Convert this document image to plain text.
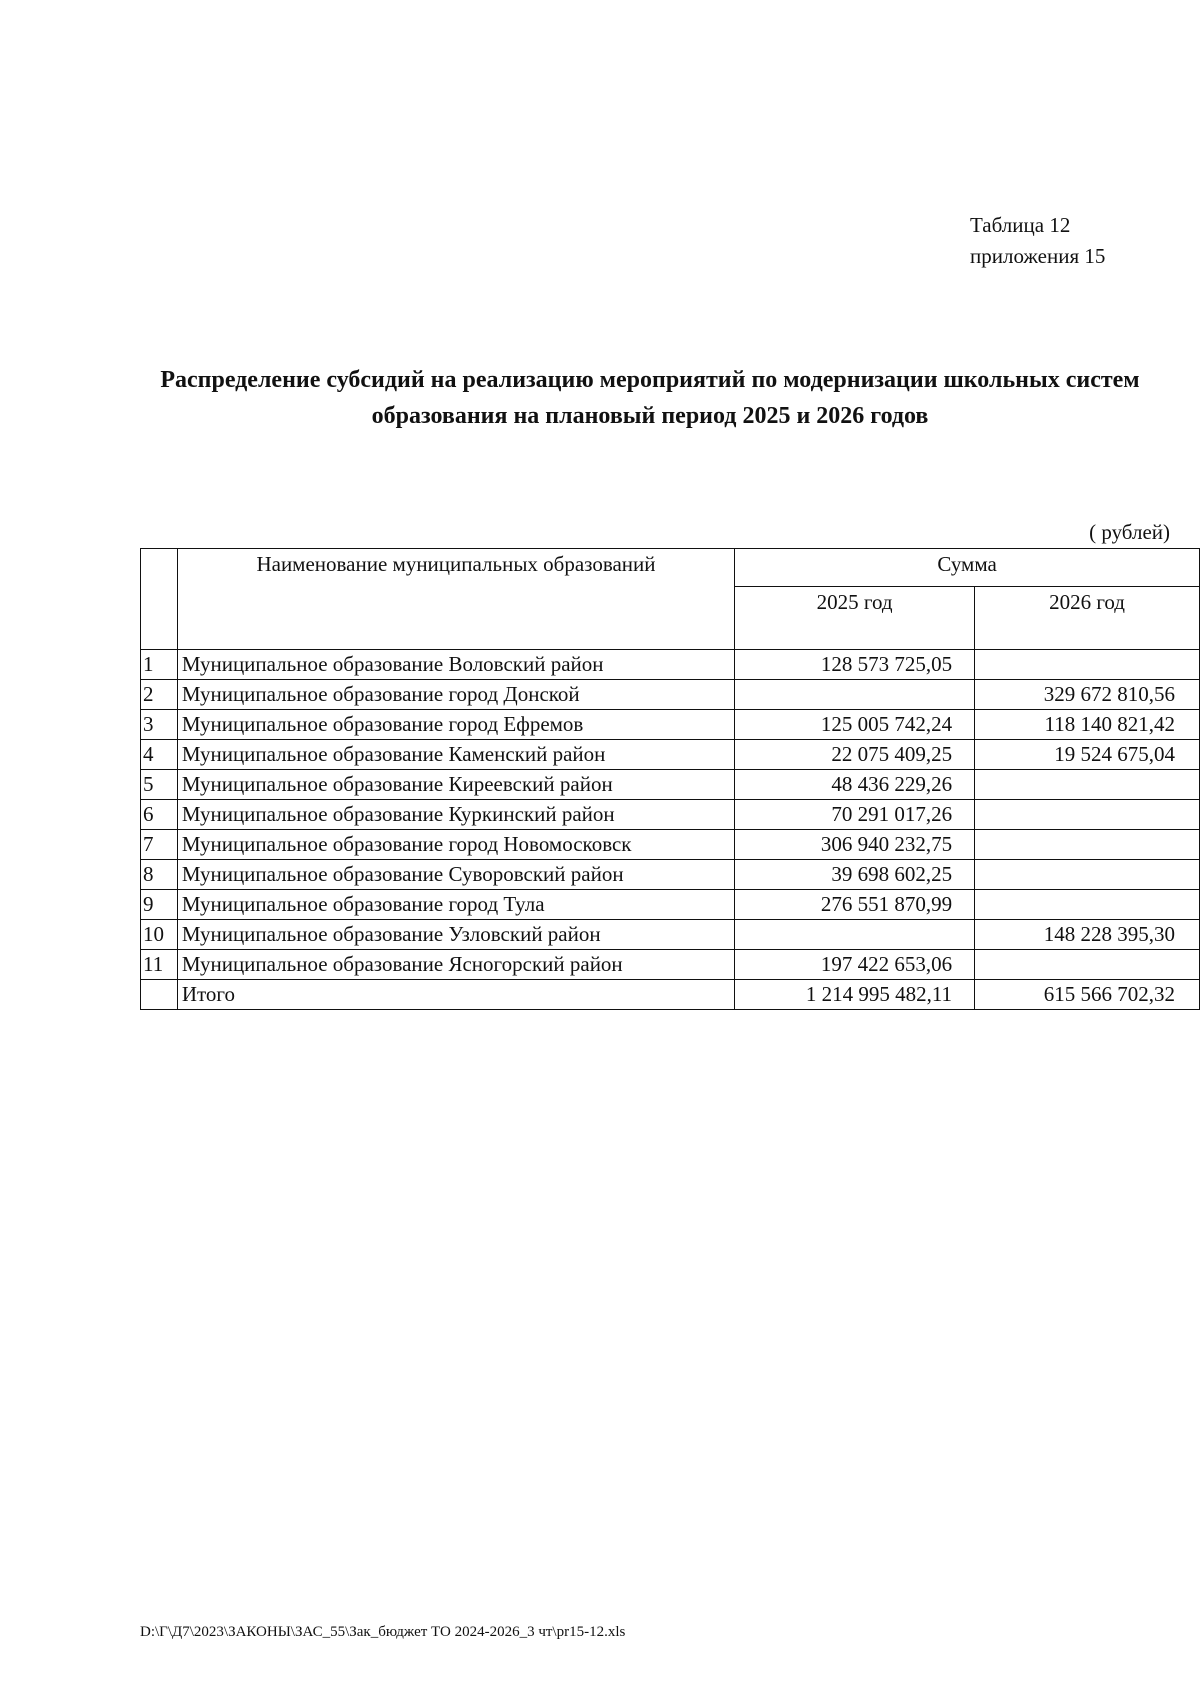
Таблица 12
приложения 15
Распределение субсидий на реализацию мероприятий по модернизации школьных систем образования на плановый период 2025 и 2026 годов
( рублей)
	Наименование муниципальных образований	Сумма	
		2025 год	2026 год
1	Муниципальное образование Воловский район	128 573 725,05	
2	Муниципальное образование город Донской		329 672 810,56
3	Муниципальное образование город Ефремов	125 005 742,24	118 140 821,42
4	Муниципальное образование Каменский район	22 075 409,25	19 524 675,04
5	Муниципальное образование Киреевский район	48 436 229,26	
6	Муниципальное образование Куркинский район	70 291 017,26	
7	Муниципальное образование город Новомосковск	306 940 232,75	
8	Муниципальное образование Суворовский район	39 698 602,25	
9	Муниципальное образование город Тула	276 551 870,99	
10	Муниципальное образование Узловский район		148 228 395,30
11	Муниципальное образование Ясногорский район	197 422 653,06	
	Итого	1 214 995 482,11	615 566 702,32
D:\Г\Д7\2023\ЗАКОНЫ\ЗАС_55\Зак_бюджет ТО 2024-2026_3 чт\pr15-12.xls
